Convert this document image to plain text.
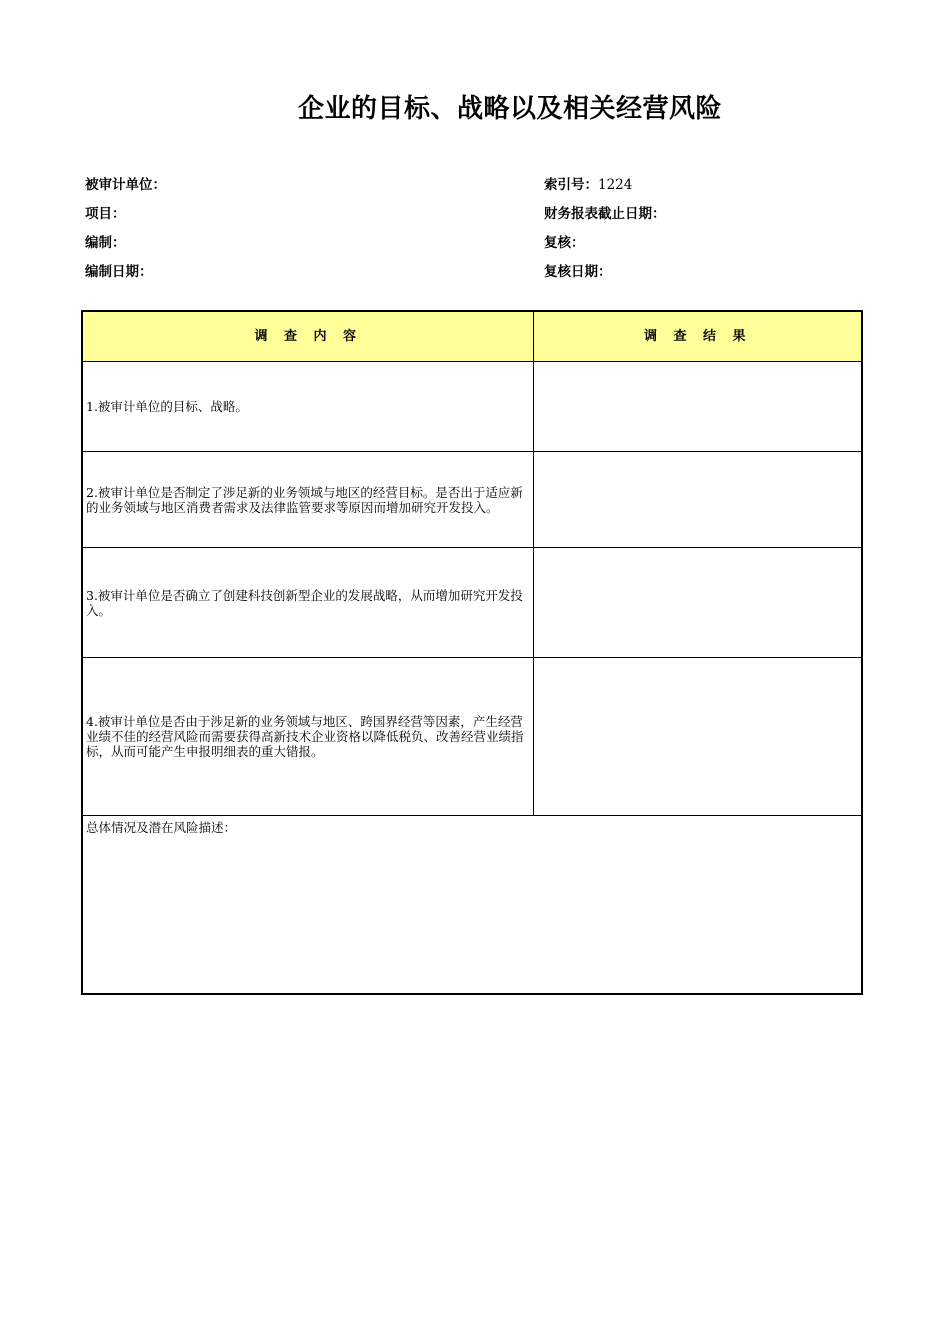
企业的目标、战略以及相关经营风险
被审计单位：	索引号：1224
项目：	财务报表截止日期：
编制：	复核：
编制日期：	复核日期：
调 查 内 容	调 查 结 果
1.被审计单位的目标、战略。	
2.被审计单位是否制定了涉足新的业务领域与地区的经营目标。是否出于适应新的业务领域与地区消费者需求及法律监管要求等原因而增加研究开发投入。	
3.被审计单位是否确立了创建科技创新型企业的发展战略，从而增加研究开发投入。	
4.被审计单位是否由于涉足新的业务领域与地区、跨国界经营等因素，产生经营业绩不佳的经营风险而需要获得高新技术企业资格以降低税负、改善经营业绩指标，从而可能产生申报明细表的重大错报。	
总体情况及潜在风险描述：	
